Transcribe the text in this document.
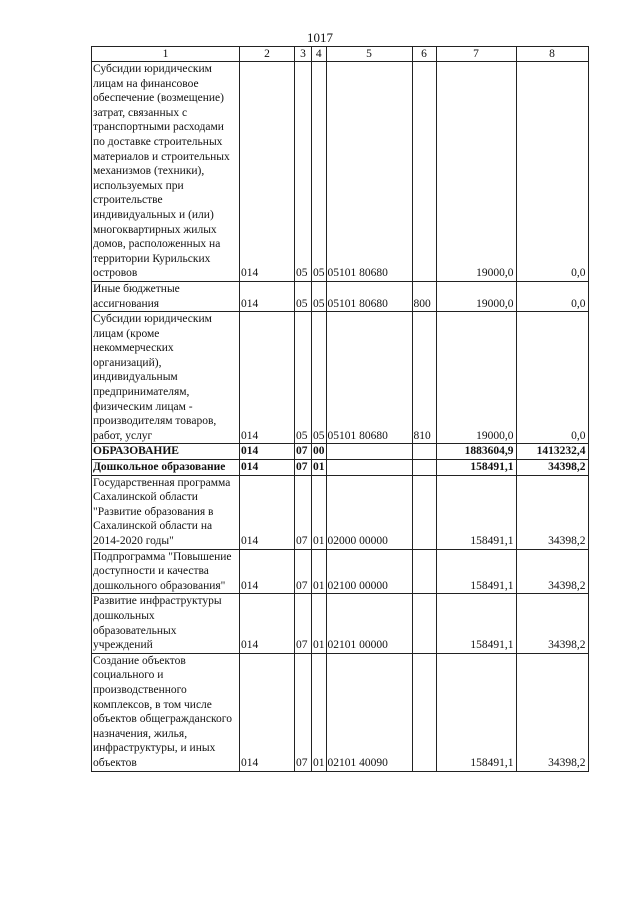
1017
1	2	3	4	5	6	7	8
Субсидии юридическим лицам на финансовое обеспечение (возмещение) затрат, связанных с транспортными расходами по доставке строительных материалов и строительных механизмов (техники), используемых при строительстве индивидуальных и (или) многоквартирных жилых домов, расположенных на территории Курильских островов	014	05	05	05101 80680		19000,0	0,0
Иные бюджетные ассигнования	014	05	05	05101 80680	800	19000,0	0,0
Субсидии юридическим лицам (кроме некоммерческих организаций), индивидуальным предпринимателям, физическим лицам - производителям товаров, работ, услуг	014	05	05	05101 80680	810	19000,0	0,0
ОБРАЗОВАНИЕ	014	07	00			1883604,9	1413232,4
Дошкольное образование	014	07	01			158491,1	34398,2
Государственная программа Сахалинской области "Развитие образования в Сахалинской области на 2014-2020 годы"	014	07	01	02000 00000		158491,1	34398,2
Подпрограмма "Повышение доступности и качества дошкольного образования"	014	07	01	02100 00000		158491,1	34398,2
Развитие инфраструктуры дошкольных образовательных учреждений	014	07	01	02101 00000		158491,1	34398,2
Создание объектов социального и производственного комплексов, в том числе объектов общегражданского назначения, жилья, инфраструктуры, и иных объектов	014	07	01	02101 40090		158491,1	34398,2
